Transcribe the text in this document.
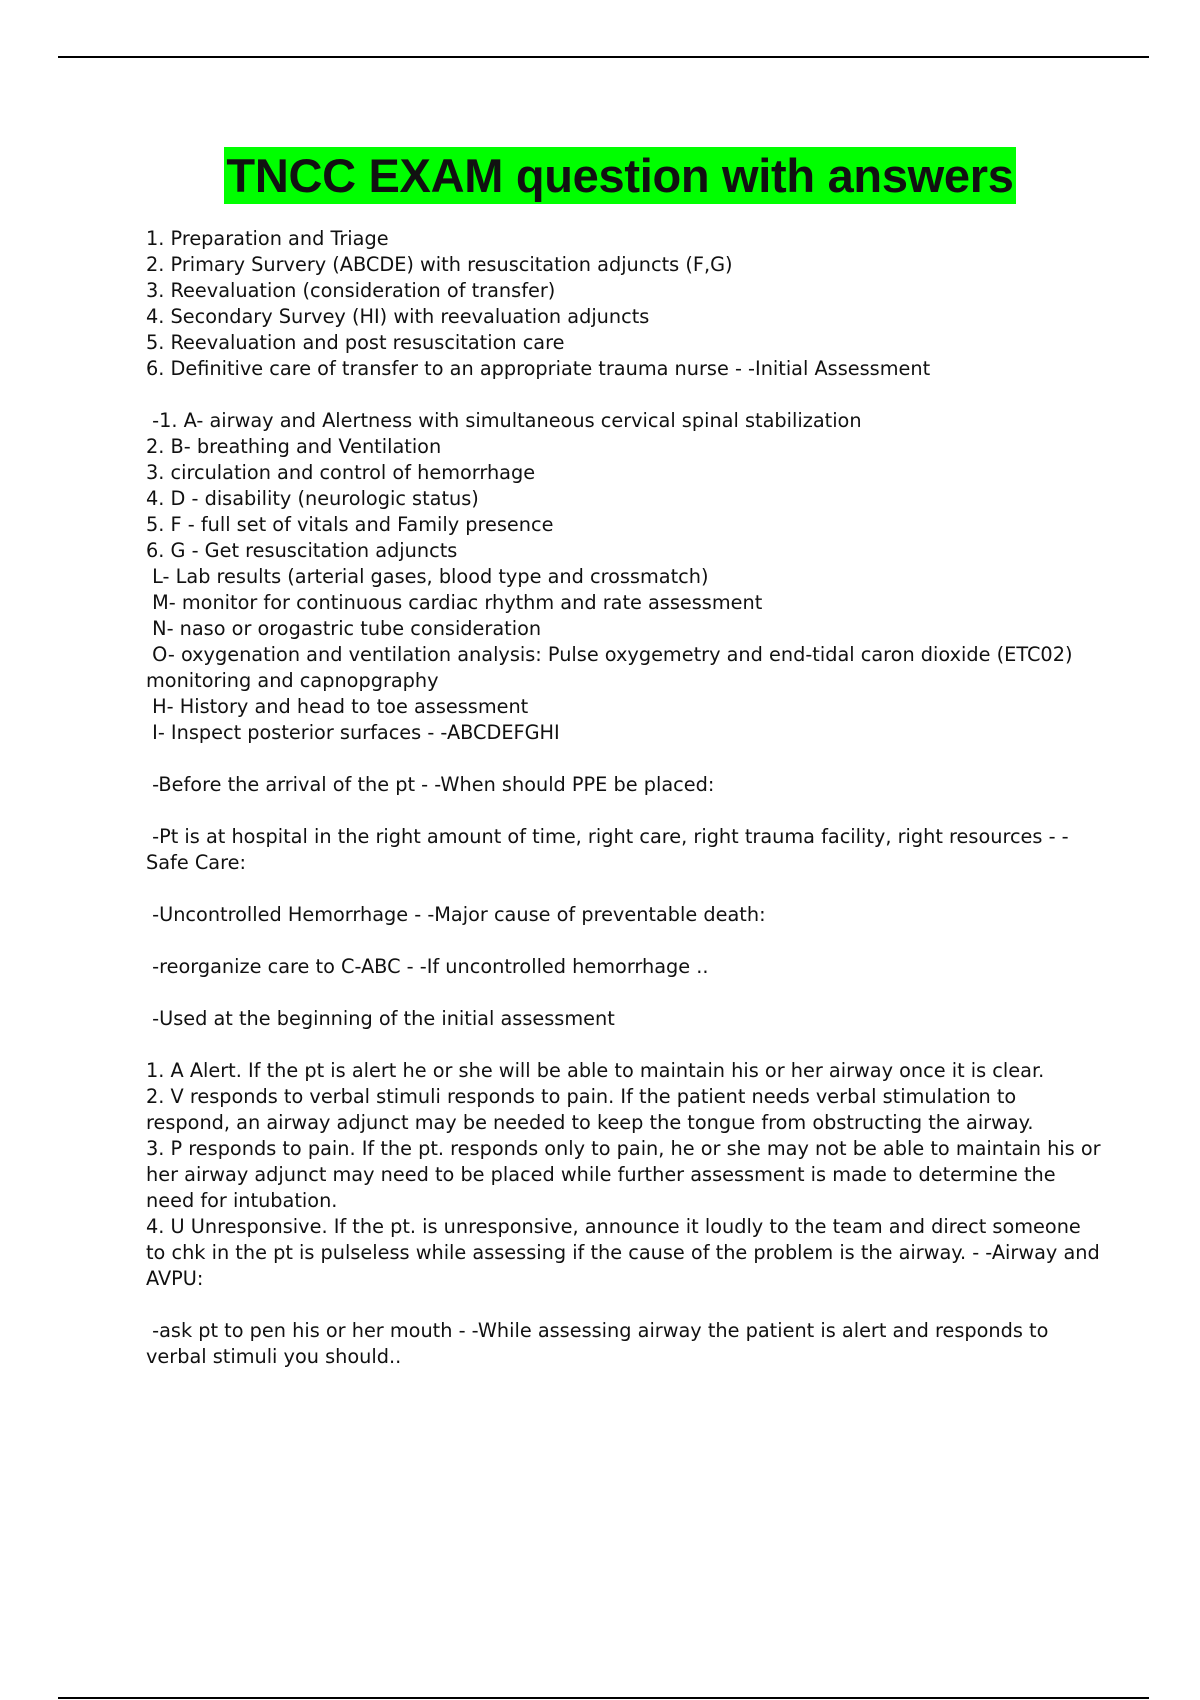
TNCC EXAM question with answers
1. Preparation and Triage
2. Primary Survery (ABCDE) with resuscitation adjuncts (F,G)
3. Reevaluation (consideration of transfer)
4. Secondary Survey (HI) with reevaluation adjuncts
5. Reevaluation and post resuscitation care
6. Definitive care of transfer to an appropriate trauma nurse - -Initial Assessment
-1. A- airway and Alertness with simultaneous cervical spinal stabilization
2. B- breathing and Ventilation
3. circulation and control of hemorrhage
4. D - disability (neurologic status)
5. F - full set of vitals and Family presence
6. G - Get resuscitation adjuncts
L- Lab results (arterial gases, blood type and crossmatch)
M- monitor for continuous cardiac rhythm and rate assessment
N- naso or orogastric tube consideration
O- oxygenation and ventilation analysis: Pulse oxygemetry and end-tidal caron dioxide (ETC02) monitoring and capnopgraphy
H- History and head to toe assessment
I- Inspect posterior surfaces - -ABCDEFGHI
-Before the arrival of the pt - -When should PPE be placed:
-Pt is at hospital in the right amount of time, right care, right trauma facility, right resources - -Safe Care:
-Uncontrolled Hemorrhage - -Major cause of preventable death:
-reorganize care to C-ABC - -If uncontrolled hemorrhage ..
-Used at the beginning of the initial assessment
1. A Alert. If the pt is alert he or she will be able to maintain his or her airway once it is clear.
2. V responds to verbal stimuli responds to pain. If the patient needs verbal stimulation to respond, an airway adjunct may be needed to keep the tongue from obstructing the airway.
3. P responds to pain. If the pt. responds only to pain, he or she may not be able to maintain his or her airway adjunct may need to be placed while further assessment is made to determine the need for intubation.
4. U Unresponsive. If the pt. is unresponsive, announce it loudly to the team and direct someone to chk in the pt is pulseless while assessing if the cause of the problem is the airway. - -Airway and AVPU:
-ask pt to pen his or her mouth - -While assessing airway the patient is alert and responds to verbal stimuli you should..
